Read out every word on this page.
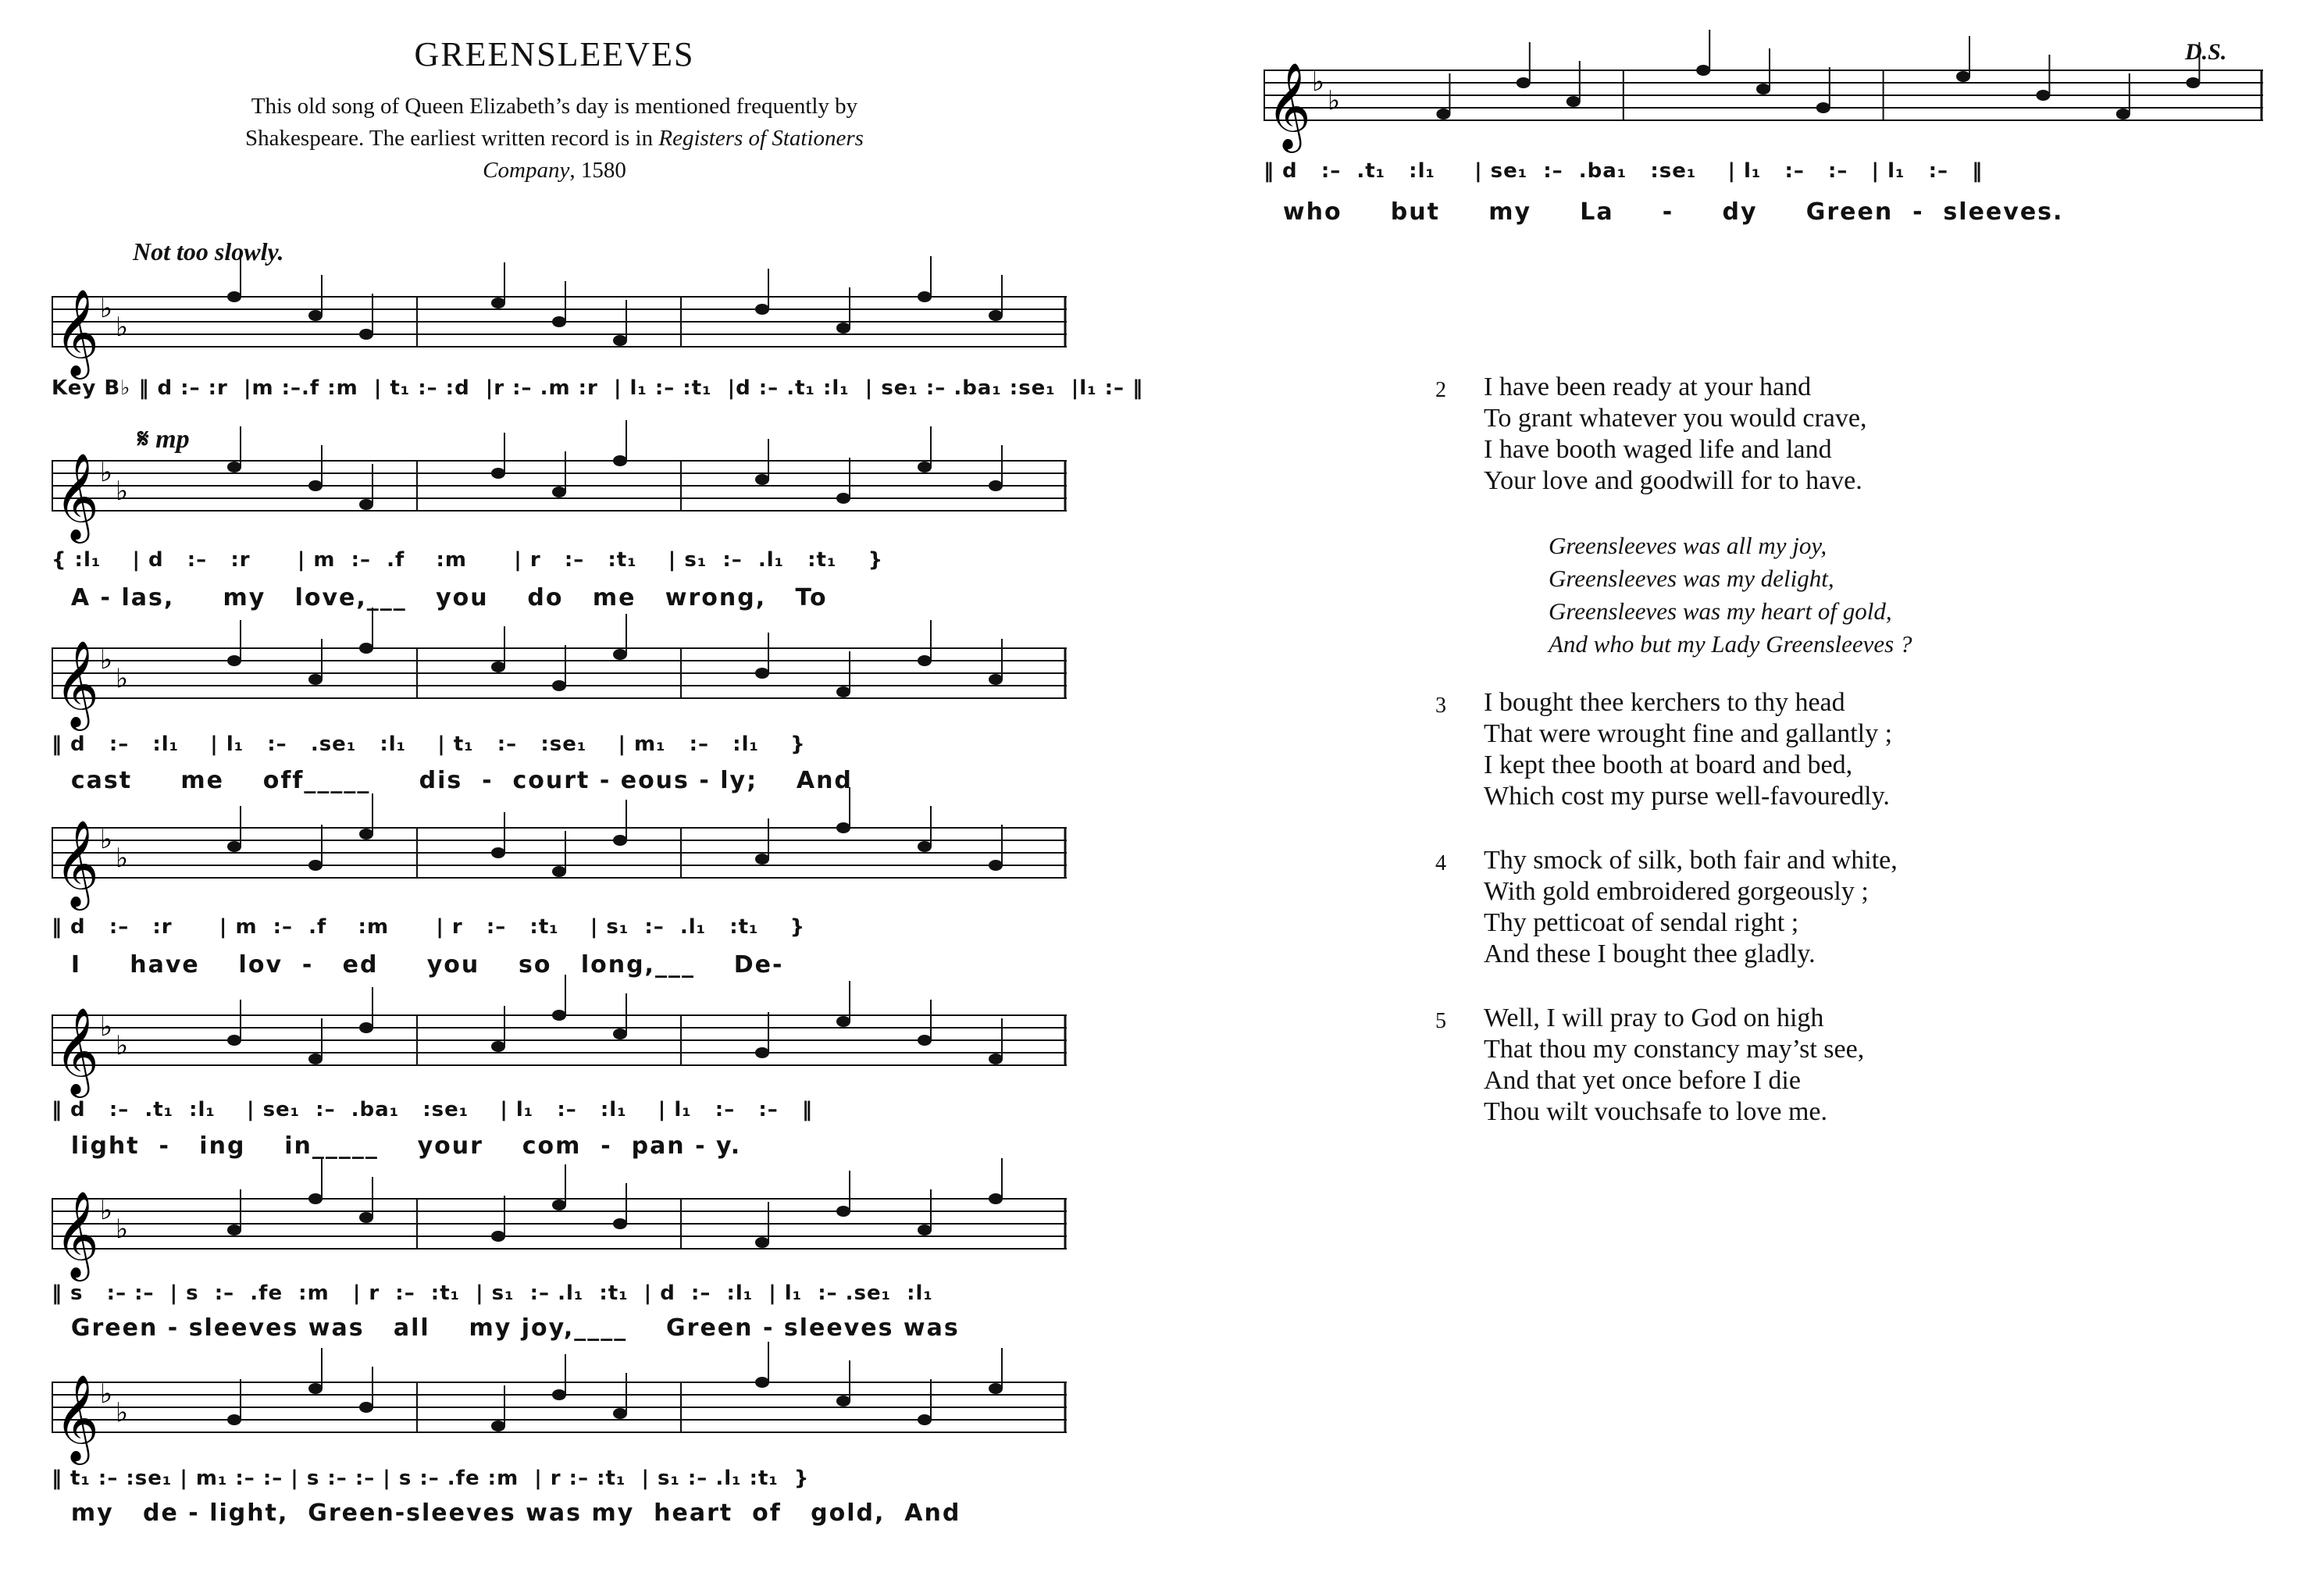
GREENSLEEVES
This old song of Queen Elizabeth’s day is mentioned frequently by
Shakespeare. The earliest written record is in Registers of Stationers
Company, 1580
Not too slowly.
𝄞 ♭
♭
Key B♭ ‖ d :– :r  |m :–.f :m  | t₁ :– :d  |r :– .m :r  | l₁ :– :t₁  |d :– .t₁ :l₁  | se₁ :– .ba₁ :se₁  |l₁ :– ‖
𝄋 mp
𝄞 ♭
♭
{ :l₁    | d   :–   :r      | m  :–  .f    :m      | r   :–   :t₁    | s₁  :–  .l₁   :t₁    }
A - las,     my   love,___   you    do   me   wrong,   To
𝄞 ♭
♭
‖ d   :–   :l₁    | l₁   :–   .se₁   :l₁    | t₁   :–   :se₁    | m₁   :–   :l₁    }
cast     me    off_____     dis  -  court - eous - ly;    And
𝄞 ♭
♭
‖ d   :–   :r      | m  :–  .f    :m      | r   :–   :t₁    | s₁  :–  .l₁   :t₁    }
I     have    lov  -   ed     you    so   long,___    De-
𝄞 ♭
♭
‖ d   :–  .t₁  :l₁    | se₁  :–  .ba₁   :se₁    | l₁   :–   :l₁    | l₁   :–   :–   ‖
light  -   ing    in_____    your    com  -  pan - y.
𝄞 ♭
♭
‖ s   :– :–  | s  :–  .fe  :m   | r  :–  :t₁  | s₁  :– .l₁  :t₁  | d  :–  :l₁  | l₁  :– .se₁  :l₁
Green - sleeves was   all    my joy,____    Green - sleeves was
𝄞 ♭
♭
‖ t₁ :– :se₁ | m₁ :– :– | s :– :– | s :– .fe :m  | r :– :t₁  | s₁ :– .l₁ :t₁  }
my   de - light,  Green-sleeves was my  heart  of   gold,  And
D.S.
𝄞 ♭
♭
‖ d   :–  .t₁   :l₁     | se₁  :–  .ba₁   :se₁    | l₁   :–   :–   | l₁   :–   ‖
who     but     my     La     -     dy     Green  -  sleeves.
2 I have been ready at your hand
To grant whatever you would crave,
I have booth waged life and land
Your love and goodwill for to have.
Greensleeves was all my joy,
Greensleeves was my delight,
Greensleeves was my heart of gold,
And who but my Lady Greensleeves ?
3 I bought thee kerchers to thy head
That were wrought fine and gallantly ;
I kept thee booth at board and bed,
Which cost my purse well-favouredly.
4 Thy smock of silk, both fair and white,
With gold embroidered gorgeously ;
Thy petticoat of sendal right ;
And these I bought thee gladly.
5 Well, I will pray to God on high
That thou my constancy may’st see,
And that yet once before I die
Thou wilt vouchsafe to love me.
